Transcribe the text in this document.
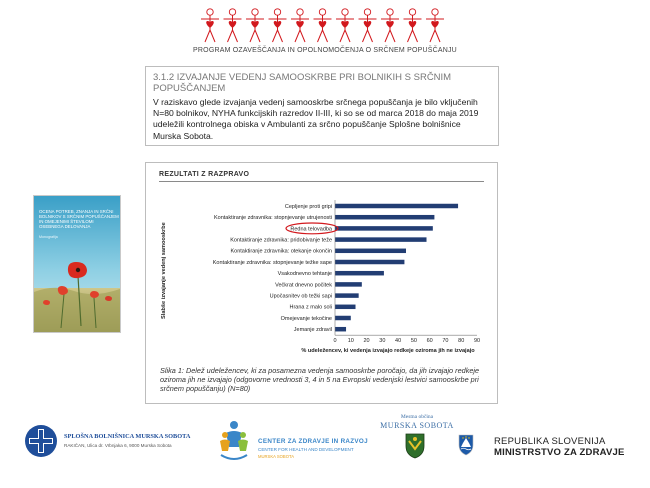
PROGRAM OZAVEŠČANJA IN OPOLNOMOČENJA O SRČNEM POPUŠČANJU
3.1.2 IZVAJANJE VEDENJ SAMOOSKRBE PRI BOLNIKIH S SRČNIM
POPUŠČANJEM
V raziskavo glede izvajanja vedenj samooskrbe srčnega popuščanja je bilo vključenih N=80 bolnikov, NYHA funkcijskih razredov II-III, ki so se od marca 2018 do maja 2019 udeležili kontrolnega obiska v Ambulanti za srčno popuščanje Splošne bolnišnice Murska Sobota.
OCENA POTREB, ZNANJA IN SRČNI BOLNIKOV S SRČNIM POPUŠČANJEM IN OMEJENIMI ŠTEVILOMI OSEBNEGA DELOVANJA
Monografija
REZULTATI Z RAZPRAVO
Cepljenje proti gripi
Kontaktiranje zdravnika: stopnjevanje utrujenosti
Redna telovadba
Kontaktiranje zdravnika: pridobivanje teže
Kontaktiranje zdravnika: otekanje okončin
Kontaktiranje zdravnika: stopnjevanje težke sape
Vsakodnevno tehtanje
Večkrat dnevno počitek
Upočasnitev ob težki sapi
Hrana z malo soli
Omejevanje tekočine
Jemanje zdravil
0 10 20 30 40 50 60 70 80 90
Slabše izvajanje vedenj samooskrbe
% udeležencev, ki vedenja izvajajo redkeje oziroma jih ne izvajajo
Slika 1: Delež udeležencev, ki za posamezna vedenja samooskrbe poročajo, da jih izvajajo redkeje oziroma jih ne izvajajo (odgovorne vrednosti 3, 4 in 5 na Evropski vedenjski lestvici samooskrbe pri srčnem popuščanju) (N=80)
SPLOŠNA BOLNIŠNICA MURSKA SOBOTA
RAKIČAN, Ulica dr. Vrbnjaka 6, 9000 Murska Sobota
CENTER ZA ZDRAVJE IN RAZVOJ
CENTER FOR HEALTH AND DEVELOPMENT
MURSKA SOBOTA
Mestna občina
MURSKA SOBOTA
REPUBLIKA SLOVENIJA
MINISTRSTVO ZA ZDRAVJE
